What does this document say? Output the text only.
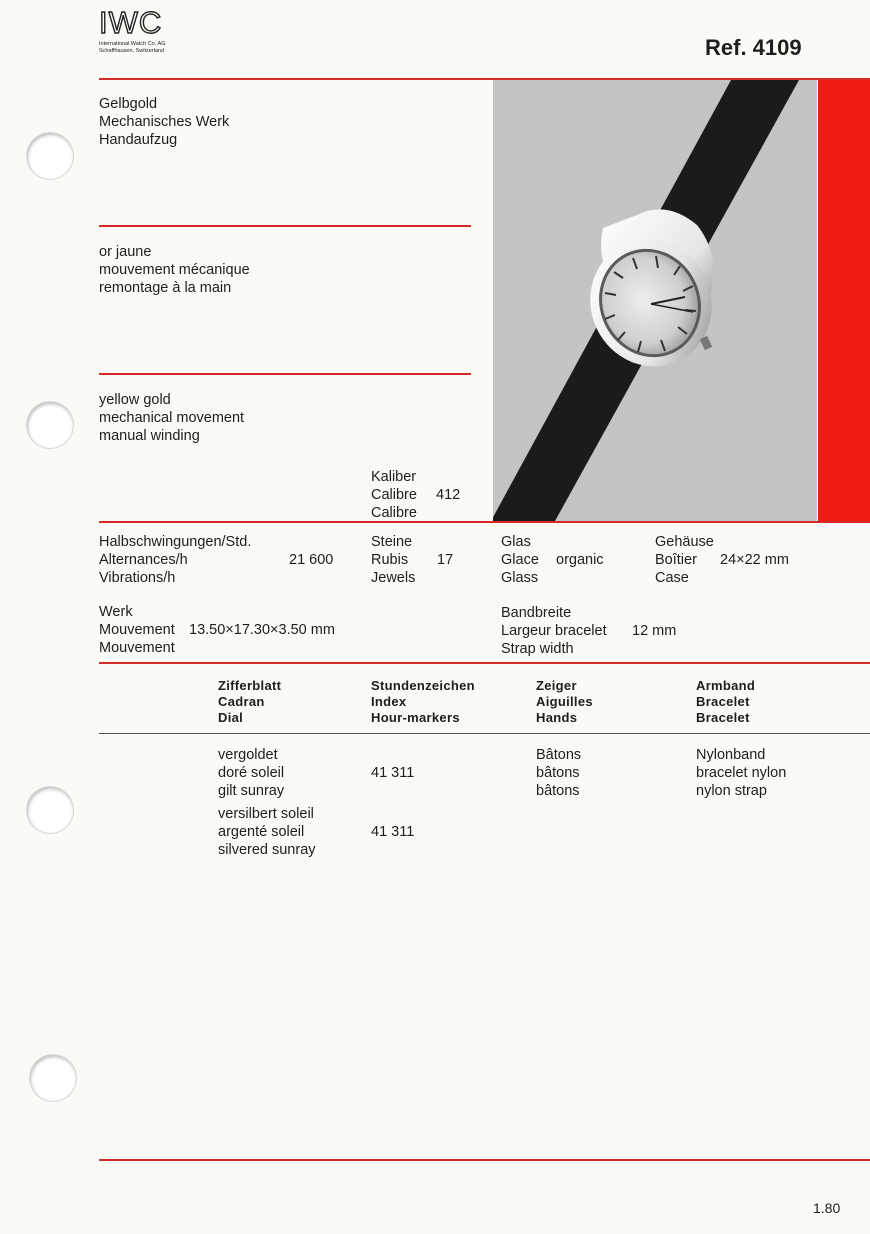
IWC
International Watch Co. AG
Schaffhausen, Switzerland	Ref. 4109
Gelbgold
Mechanisches Werk
Handaufzug
or jaune
mouvement mécanique
remontage à la main
yellow gold
mechanical movement
manual winding
Kaliber
Calibre
Calibre
412
Halbschwingungen/Std.
Alternances/h
Vibrations/h
21 600
Steine
Rubis
Jewels
17
Glas
Glace
Glass
organic
Gehäuse
Boîtier
Case
24×22 mm
Werk
Mouvement
Mouvement
13.50×17.30×3.50 mm
Bandbreite
Largeur bracelet
Strap width
12 mm
Zifferblatt
Cadran
Dial
Stundenzeichen
Index
Hour-markers
Zeiger
Aiguilles
Hands
Armband
Bracelet
Bracelet
vergoldet
doré soleil
gilt sunray
41 311
Bâtons
bâtons
bâtons
Nylonband
bracelet nylon
nylon strap
versilbert soleil
argenté soleil
silvered sunray
41 311
1.80
